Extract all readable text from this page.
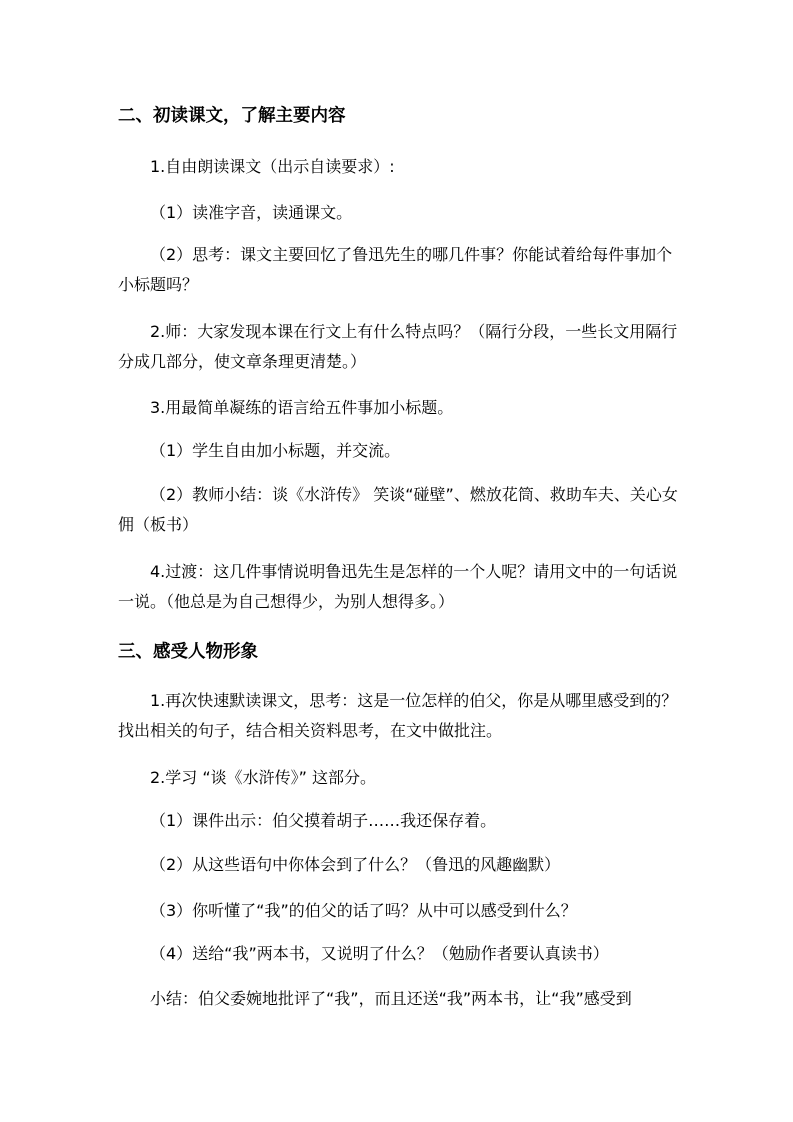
二、初读课文，了解主要内容
1.自由朗读课文（出示自读要求）:
（1）读准字音，读通课文。
（2）思考：课文主要回忆了鲁迅先生的哪几件事？你能试着给每件事加个小标题吗？
2.师：大家发现本课在行文上有什么特点吗？（隔行分段，一些长文用隔行分成几部分，使文章条理更清楚。）
3.用最简单凝练的语言给五件事加小标题。
（1）学生自由加小标题，并交流。
（2）教师小结：谈《水浒传》 笑谈“碰壁”、燃放花筒、救助车夫、关心女佣（板书）
4.过渡：这几件事情说明鲁迅先生是怎样的一个人呢？请用文中的一句话说一说。（他总是为自己想得少，为别人想得多。）
三、感受人物形象
1.再次快速默读课文，思考：这是一位怎样的伯父，你是从哪里感受到的？找出相关的句子，结合相关资料思考，在文中做批注。
2.学习 “谈《水浒传》” 这部分。
（1）课件出示：伯父摸着胡子……我还保存着。
（2）从这些语句中你体会到了什么？（鲁迅的风趣幽默）
（3）你听懂了“我”的伯父的话了吗？从中可以感受到什么？
（4）送给“我”两本书，又说明了什么？（勉励作者要认真读书）
小结：伯父委婉地批评了“我”，而且还送“我”两本书，让“我”感受到
